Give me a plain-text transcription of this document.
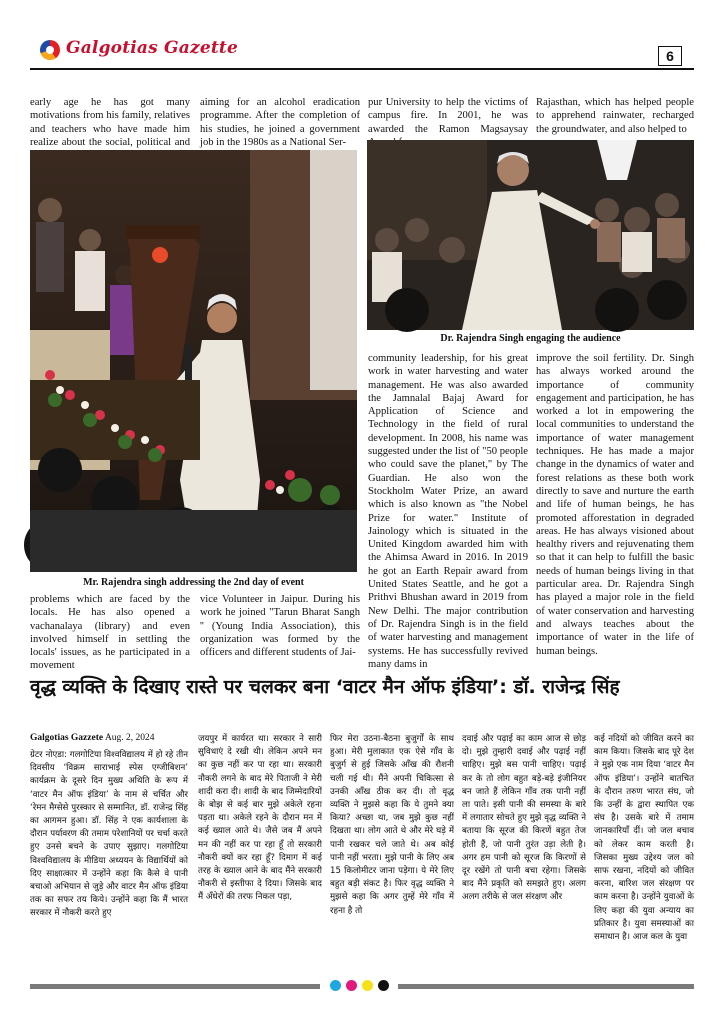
Galgotias Gazette	6

early age he has got many motivations from his family, relatives and teachers who have made him realize about the social, political and

aiming for an alcohol eradication programme. After the completion of his studies, he joined a government job in the 1980s as a National Ser-

pur University to help the victims of campus fire. In 2001, he was awarded the Ramon Magsaysay

Rajasthan, which has helped people to apprehend rainwater, recharged the groundwater, and also helped to

Mr. Rajendra singh addressing the 2nd day of event
Dr. Rajendra Singh engaging the audience

problems which are faced by the locals. He has also opened a vachanalaya (library) and even involved himself in settling the locals' issues, as he participated in a movement

vice Volunteer in Jaipur. During his work he joined "Tarun Bharat Sangh '' (Young India Association), this organization was formed by the officers and different students of Jai-

community leadership, for his great work in water harvesting and water management. He was also awarded the Jamnalal Bajaj Award for Application of Science and Technology in the field of rural development. In 2008, his name was suggested under the list of "50 people who could save the planet," by The Guardian. He also won the Stockholm Water Prize, an award which is also known as "the Nobel Prize for water." Institute of Jainology which is situated in the United Kingdom awarded him with the Ahimsa Award in 2016. In 2019 he got an Earth Repair award from United States Seattle, and he got a Prithvi Bhushan award in 2019 from New Delhi. The major contribution of Dr. Rajendra Singh is in the field of water harvesting and management systems. He has successfully revived many dams in

improve the soil fertility. Dr. Singh has always worked around the importance of community engagement and participation, he has worked a lot in empowering the local communities to understand the importance of water management techniques. He has made a major change in the dynamics of water and forest relations as these both work directly to save and nurture the earth and life of human beings, he has promoted afforestation in degraded areas. He has always visioned about healthy rivers and rejuvenating them so that it can help to fulfill the basic needs of human beings living in that particular area. Dr. Rajendra Singh has played a major role in the field of water conservation and harvesting and always teaches about the importance of water in the life of human beings.

वृद्ध व्यक्ति के दिखाए रास्ते पर चलकर बना ‘वाटर मैन ऑफ इंडिया’: डॉ. राजेन्द्र सिंह
Galgotias Gazzete Aug. 2, 2024

ग्रेटर नोएडा: गलगोटिया विश्वविद्यालय में हो रहे तीन दिवसीय ‘विक्रम साराभाई स्पेस एग्जीबिशन’ कार्यक्रम के दूसरे दिन मुख्य अथिति के रूप में ‘वाटर मैन ऑफ इंडिया’ के नाम से चर्चित और ‘रेमन मैग्सेसे पुरस्कार से सम्मानित, डॉ. राजेन्द्र सिंह का आगमन हुआ। डॉ. सिंह ने एक कार्यशाला के दौरान पर्यावरण की तमाम परेशानियों पर चर्चा करते हुए उनसे बचने के उपाए सुझाए। गलगोटिया विश्वविद्यालय के मीडिया अध्ययन के विद्यार्थियों को दिए साक्षात्कार में उन्होंने कहा कि कैसे वे पानी बचाओ अभियान से जुड़े और वाटर मैन ऑफ इंडिया तक का सफर तय किये। उन्होंने कहा कि मैं भारत सरकार में नौकरी करते हुए

जयपुर में कार्यरत था। सरकार ने सारी सुविधाएं दे रखी थी। लेकिन अपने मन का कुछ नहीं कर पा रहा था। सरकारी नौकरी लगने के बाद मेरे पिताजी ने मेरी शादी करा दी। शादी के बाद जिम्मेदारियों के बोझ से कई बार मुझे अकेले रहना पड़ता था। अकेले रहने के दौरान मन में कई ख्याल आते थे। जैसे जब मैं अपने मन की नहीं कर पा रहा हूँ तो सरकारी नौकरी क्यों कर रहा हूँ? दिमाग में कई तरह के ख्याल आने के बाद मैंने सरकारी नौकरी से इस्तीफा दे दिया। जिसके बाद मैं अँधेरों की तरफ निकल पड़ा,

फिर मेरा उठना-बैठना बुजुर्गों के साथ हुआ। मेरी मुलाकात एक ऐसे गाँव के बुजुर्ग से हुई जिसके आँख की रौशनी चली गई थी। मैंने अपनी चिकित्सा से उनकी आँख ठीक कर दी। तो वृद्ध व्यक्ति ने मुझसे कहा कि ये तुमने क्या किया? अच्छा था, जब मुझे कुछ नहीं दिखता था। लोग आते थे और मेरे घड़े में पानी रखकर चले जाते थे। अब कोई पानी नहीं भरता। मुझे पानी के लिए अब 15 किलोमीटर जाना पड़ेगा। ये मेरे लिए बहुत बड़ी संकट है। फिर वृद्ध व्यक्ति ने मुझसे कहा कि अगर तुम्हें मेरे गाँव में रहना है तो

दवाई और पढ़ाई का काम आज से छोड़ दो। मुझे तुम्हारी दवाई और पढ़ाई नहीं चाहिए। मुझे बस पानी चाहिए। पढ़ाई कर के तो लोग बहुत बड़े-बड़े इंजीनियर बन जाते हैं लेकिन गाँव तक पानी नहीं ला पाते। इसी पानी की समस्या के बारे में लगातार सोचते हुए मुझे वृद्ध व्यक्ति ने बताया कि सूरज की किरणें बहुत तेज होती हैं, जो पानी तुरंत उड़ा लेती है। अगर हम पानी को सूरज कि किरणों से दूर रखेंगे तो पानी बचा रहेगा। जिसके बाद मैंने प्रकृति को समझते हुए। अलग अलग तरीके से जल संरक्षण और

कई नदियों को जीवित करने का काम किया। जिसके बाद पूरे देश ने मुझे एक नाम दिया ‘वाटर मैन ऑफ इंडिया’। उन्होंने बातचित के दौरान तरुण भारत संघ, जो कि उन्हीं के द्वारा स्थापित एक संघ है। उसके बारे में तमाम जानकारियाँ दीं। जो जल बचाव को लेकर काम करती है। जिसका मुख्य उद्देश्य जल को साफ रखना, नदियों को जीवित करना, बारिश जल संरक्षण पर काम करना है। उन्होंने युवाओं के लिए कहा की युवा अन्याय का प्रतिकार है। युवा समस्याओं का समाधान है। आज कल के युवा
